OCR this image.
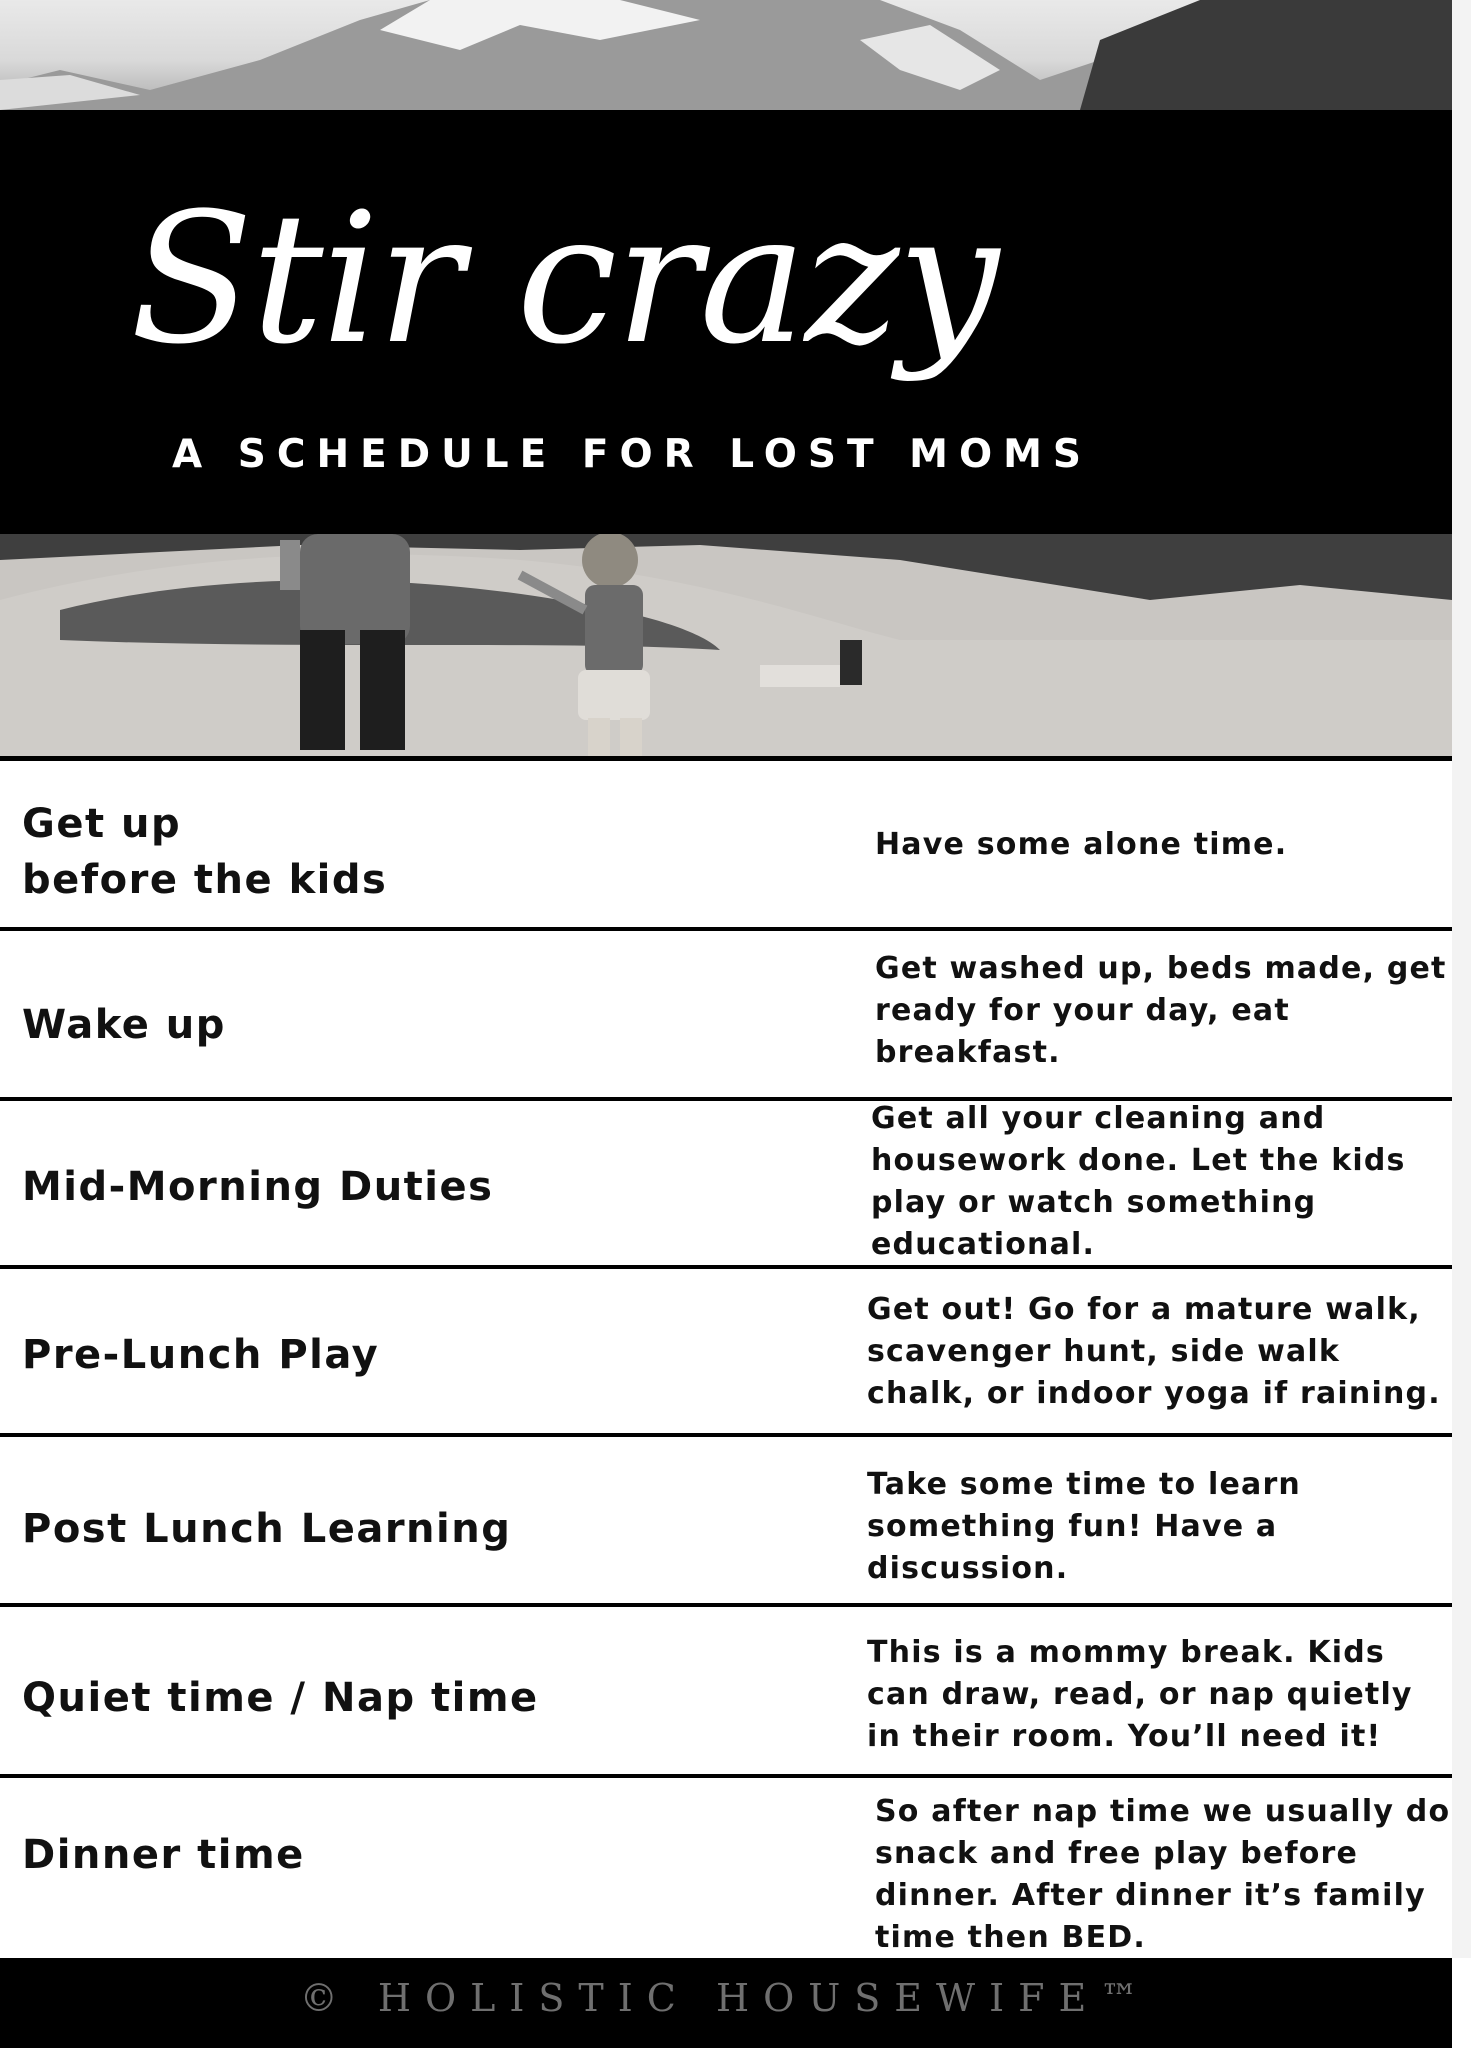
Stir crazy
A SCHEDULE FOR LOST MOMS

Get up
before the kids

Have some alone time.

Wake up

Get washed up, beds made, get ready for your day, eat breakfast.

Mid-Morning Duties

Get all your cleaning and housework done. Let the kids play or watch something educational.

Pre-Lunch Play

Get out! Go for a mature walk, scavenger hunt, side walk chalk, or indoor yoga if raining.

Post Lunch Learning

Take some time to learn something fun! Have a discussion.

Quiet time / Nap time

This is a mommy break. Kids can draw, read, or nap quietly in their room. You’ll need it!

Dinner time

So after nap time we usually do snack and free play before dinner. After dinner it’s family time then BED.

© HOLISTIC HOUSEWIFE™
